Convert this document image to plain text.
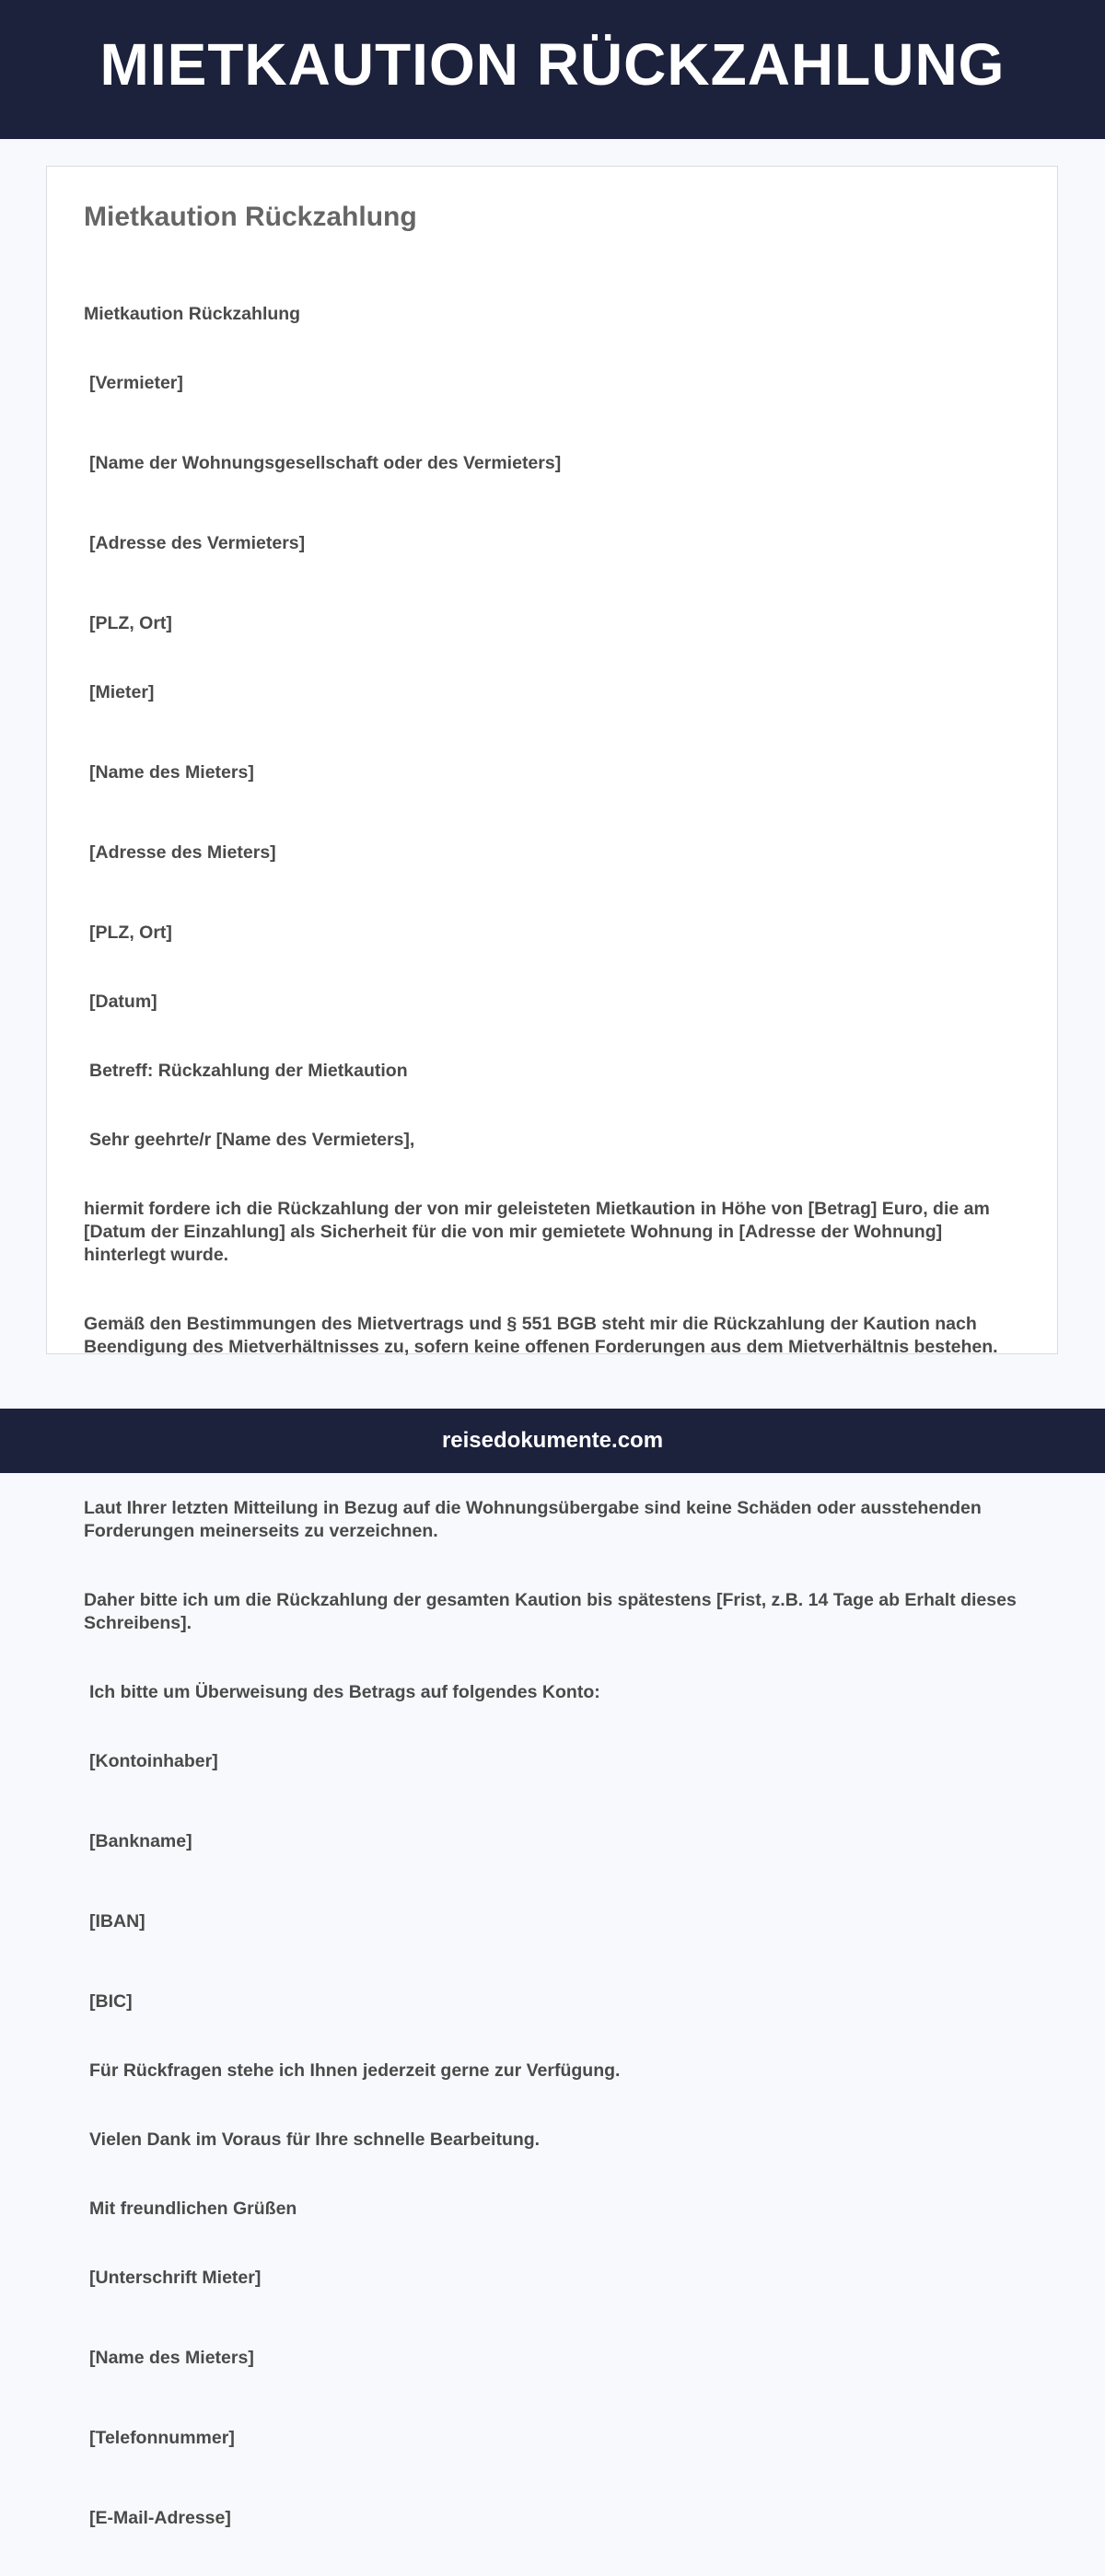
MIETKAUTION RÜCKZAHLUNG
Mietkaution Rückzahlung

Mietkaution Rückzahlung

[Vermieter]

[Name der Wohnungsgesellschaft oder des Vermieters]

[Adresse des Vermieters]

[PLZ, Ort]

[Mieter]

[Name des Mieters]

[Adresse des Mieters]

[PLZ, Ort]

[Datum]

Betreff: Rückzahlung der Mietkaution

Sehr geehrte/r [Name des Vermieters],

hiermit fordere ich die Rückzahlung der von mir geleisteten Mietkaution in Höhe von [Betrag] Euro, die am [Datum der Einzahlung] als Sicherheit für die von mir gemietete Wohnung in [Adresse der Wohnung] hinterlegt wurde.

Gemäß den Bestimmungen des Mietvertrags und § 551 BGB steht mir die Rückzahlung der Kaution nach Beendigung des Mietverhältnisses zu, sofern keine offenen Forderungen aus dem Mietverhältnis bestehen.

Laut Ihrer letzten Mitteilung in Bezug auf die Wohnungsübergabe sind keine Schäden oder ausstehenden Forderungen meinerseits zu verzeichnen.

Daher bitte ich um die Rückzahlung der gesamten Kaution bis spätestens [Frist, z.B. 14 Tage ab Erhalt dieses Schreibens].

Ich bitte um Überweisung des Betrags auf folgendes Konto:

[Kontoinhaber]

[Bankname]

[IBAN]

[BIC]

Für Rückfragen stehe ich Ihnen jederzeit gerne zur Verfügung.

Vielen Dank im Voraus für Ihre schnelle Bearbeitung.

Mit freundlichen Grüßen

[Unterschrift Mieter]

[Name des Mieters]

[Telefonnummer]

[E-Mail-Adresse]

reisedokumente.com
